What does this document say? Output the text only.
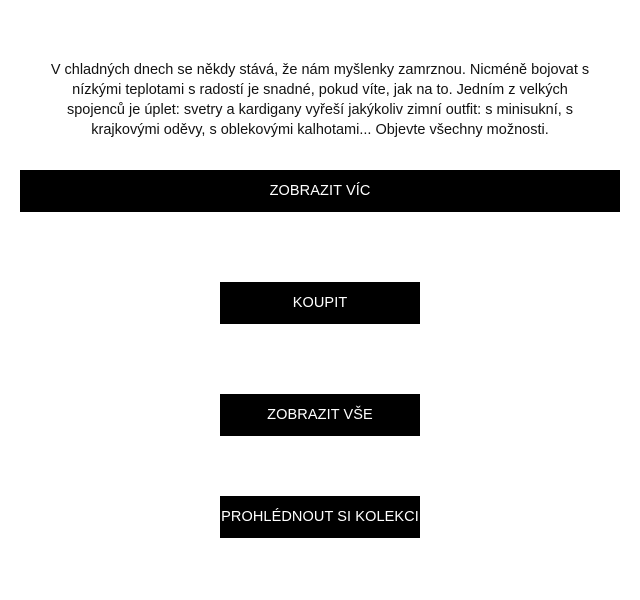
V chladných dnech se někdy stává, že nám myšlenky zamrznou. Nicméně bojovat s nízkými teplotami s radostí je snadné, pokud víte, jak na to. Jedním z velkých spojenců je úplet: svetry a kardigany vyřeší jakýkoliv zimní outfit: s minisukní, s krajkovými oděvy, s oblekovými kalhotami... Objevte všechny možnosti.

ZOBRAZIT VÍC
KOUPIT
ZOBRAZIT VŠE
PROHLÉDNOUT SI KOLEKCI
